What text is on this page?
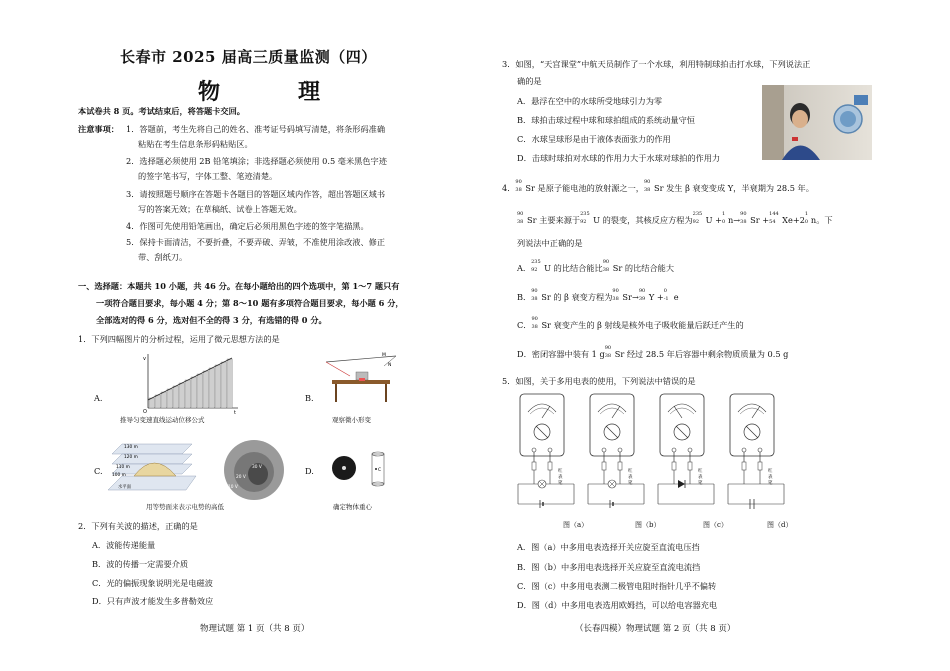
长春市 2025 届高三质量监测（四）
物　理
本试卷共 8 页。考试结束后，将答题卡交回。
注意事项： 1．答题前，考生先将自己的姓名、准考证号码填写清楚，将条形码准确
粘贴在考生信息条形码粘贴区。
2．选择题必须使用 2B 铅笔填涂；非选择题必须使用 0.5 毫米黑色字迹
的签字笔书写，字体工整、笔迹清楚。
3．请按照题号顺序在答题卡各题目的答题区域内作答，超出答题区域书
写的答案无效；在草稿纸、试卷上答题无效。
4．作图可先使用铅笔画出，确定后必须用黑色字迹的签字笔描黑。
5．保持卡面清洁，不要折叠，不要弄破、弄皱，不准使用涂改液、修正
带、刮纸刀。
一、选择题：本题共 10 小题，共 46 分。在每小题给出的四个选项中，第 1～7 题只有
一项符合题目要求，每小题 4 分；第 8～10 题有多项符合题目要求，每小题 6 分，
全部选对的得 6 分，选对但不全的得 3 分，有选错的得 0 分。
1．下列四幅图片的分析过程，运用了微元思想方法的是
A.
v
O	t
推导匀变速直线运动位移公式
B.
M
N
观察微小形变
C.
130 m
120 m
110 m
100 m
水平面
30 V
20 V
10 V
用等势面来表示电势的高低
D.	C
确定物体重心
2．下列有关波的描述，正确的是
A．波能传递能量
B．波的传播一定需要介质
C．光的偏振现象说明光是电磁波
D．只有声波才能发生多普勒效应
物理试题 第 1 页（共 8 页）
3．如图，“天宫课堂”中航天员制作了一个水球，利用特制球拍击打水球，下列说法正
确的是
A．悬浮在空中的水球所受地球引力为零
B．球拍击球过程中球和球拍组成的系统动量守恒
C．水球呈球形是由于液体表面张力的作用
D．击球时球拍对水球的作用力大于水球对球拍的作用力
4．
90
38 Sr 是原子能电池的放射源之一，
90
38 Sr 发生 β 衰变变成 Y，半衰期为 28.5 年。
90
38 Sr 主要来源于
235
92 U 的裂变，其核反应方程为
235
92 U +
1
0 n→
90
38 Sr +
144
54 Xe+2
1
0 n。下
列说法中正确的是
A．
235
92 U 的比结合能比
90
38 Sr 的比结合能大
B．
90
38 Sr 的 β 衰变方程为
90
38 Sr→
90
39 Y +
0
-1 e
C．
90
38 Sr 衰变产生的 β 射线是核外电子吸收能量后跃迁产生的
D．密闭容器中装有 1 g
90
38 Sr 经过 28.5 年后容器中剩余物质质量为 0.5 g
5．如图，关于多用电表的使用，下列说法中错误的是
红
表
笔
红
表
笔
红
表
笔
红
表
笔
图（a）	图（b）	图（c）	图（d）
A．图（a）中多用电表选择开关应旋至直流电压挡
B．图（b）中多用电表选择开关应旋至直流电流挡
C．图（c）中多用电表测二极管电阻时指针几乎不偏转
D．图（d）中多用电表选用欧姆挡，可以给电容器充电
（长春四模）物理试题 第 2 页（共 8 页）
